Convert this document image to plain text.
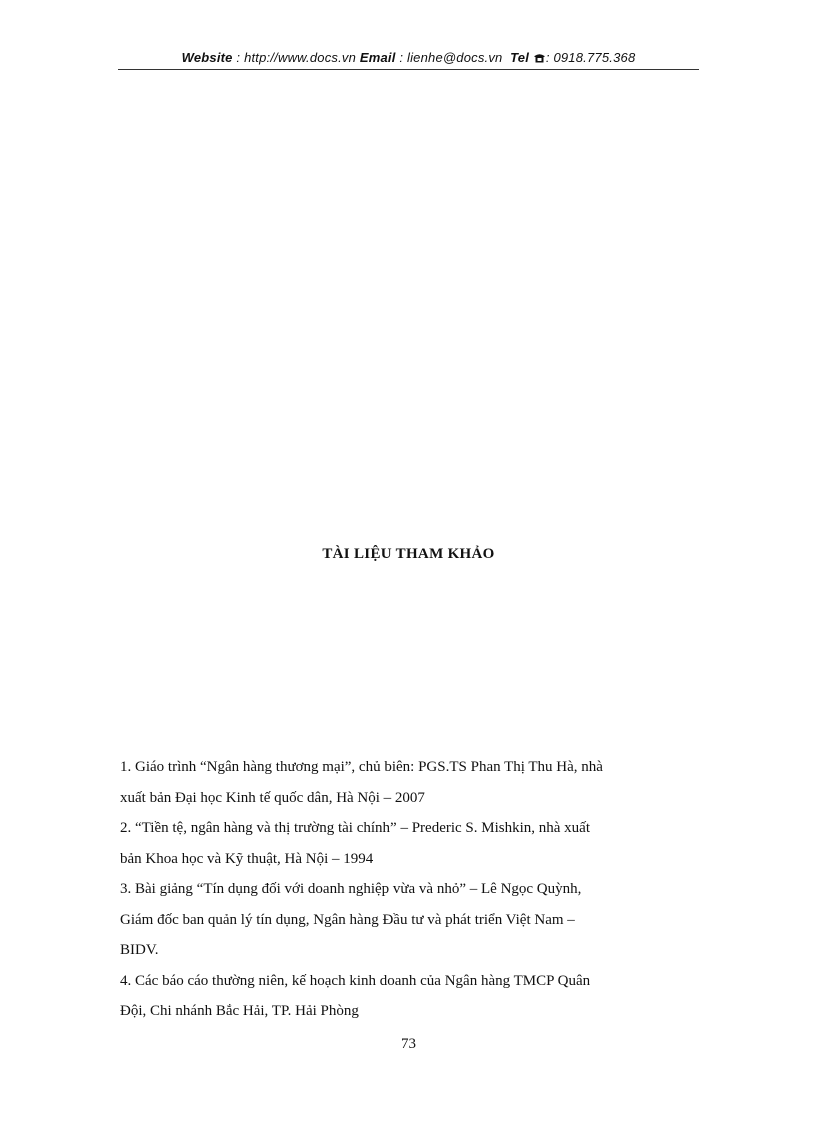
Website : http://www.docs.vn Email : lienhe@docs.vn Tel : 0918.775.368
TÀI LIỆU THAM KHẢO
1. Giáo trình “Ngân hàng thương mại”, chủ biên: PGS.TS Phan Thị Thu Hà, nhà
xuất bản Đại học Kinh tế quốc dân, Hà Nội – 2007
2. “Tiền tệ, ngân hàng và thị trường tài chính” – Prederic S. Mishkin, nhà xuất
bản Khoa học và Kỹ thuật, Hà Nội – 1994
3. Bài giảng “Tín dụng đối với doanh nghiệp vừa và nhỏ” – Lê Ngọc Quỳnh,
Giám đốc ban quản lý tín dụng, Ngân hàng Đầu tư và phát triển Việt Nam –
BIDV.
4. Các báo cáo thường niên, kế hoạch kinh doanh của Ngân hàng TMCP Quân
Đội, Chi nhánh Bắc Hải, TP. Hải Phòng
73
